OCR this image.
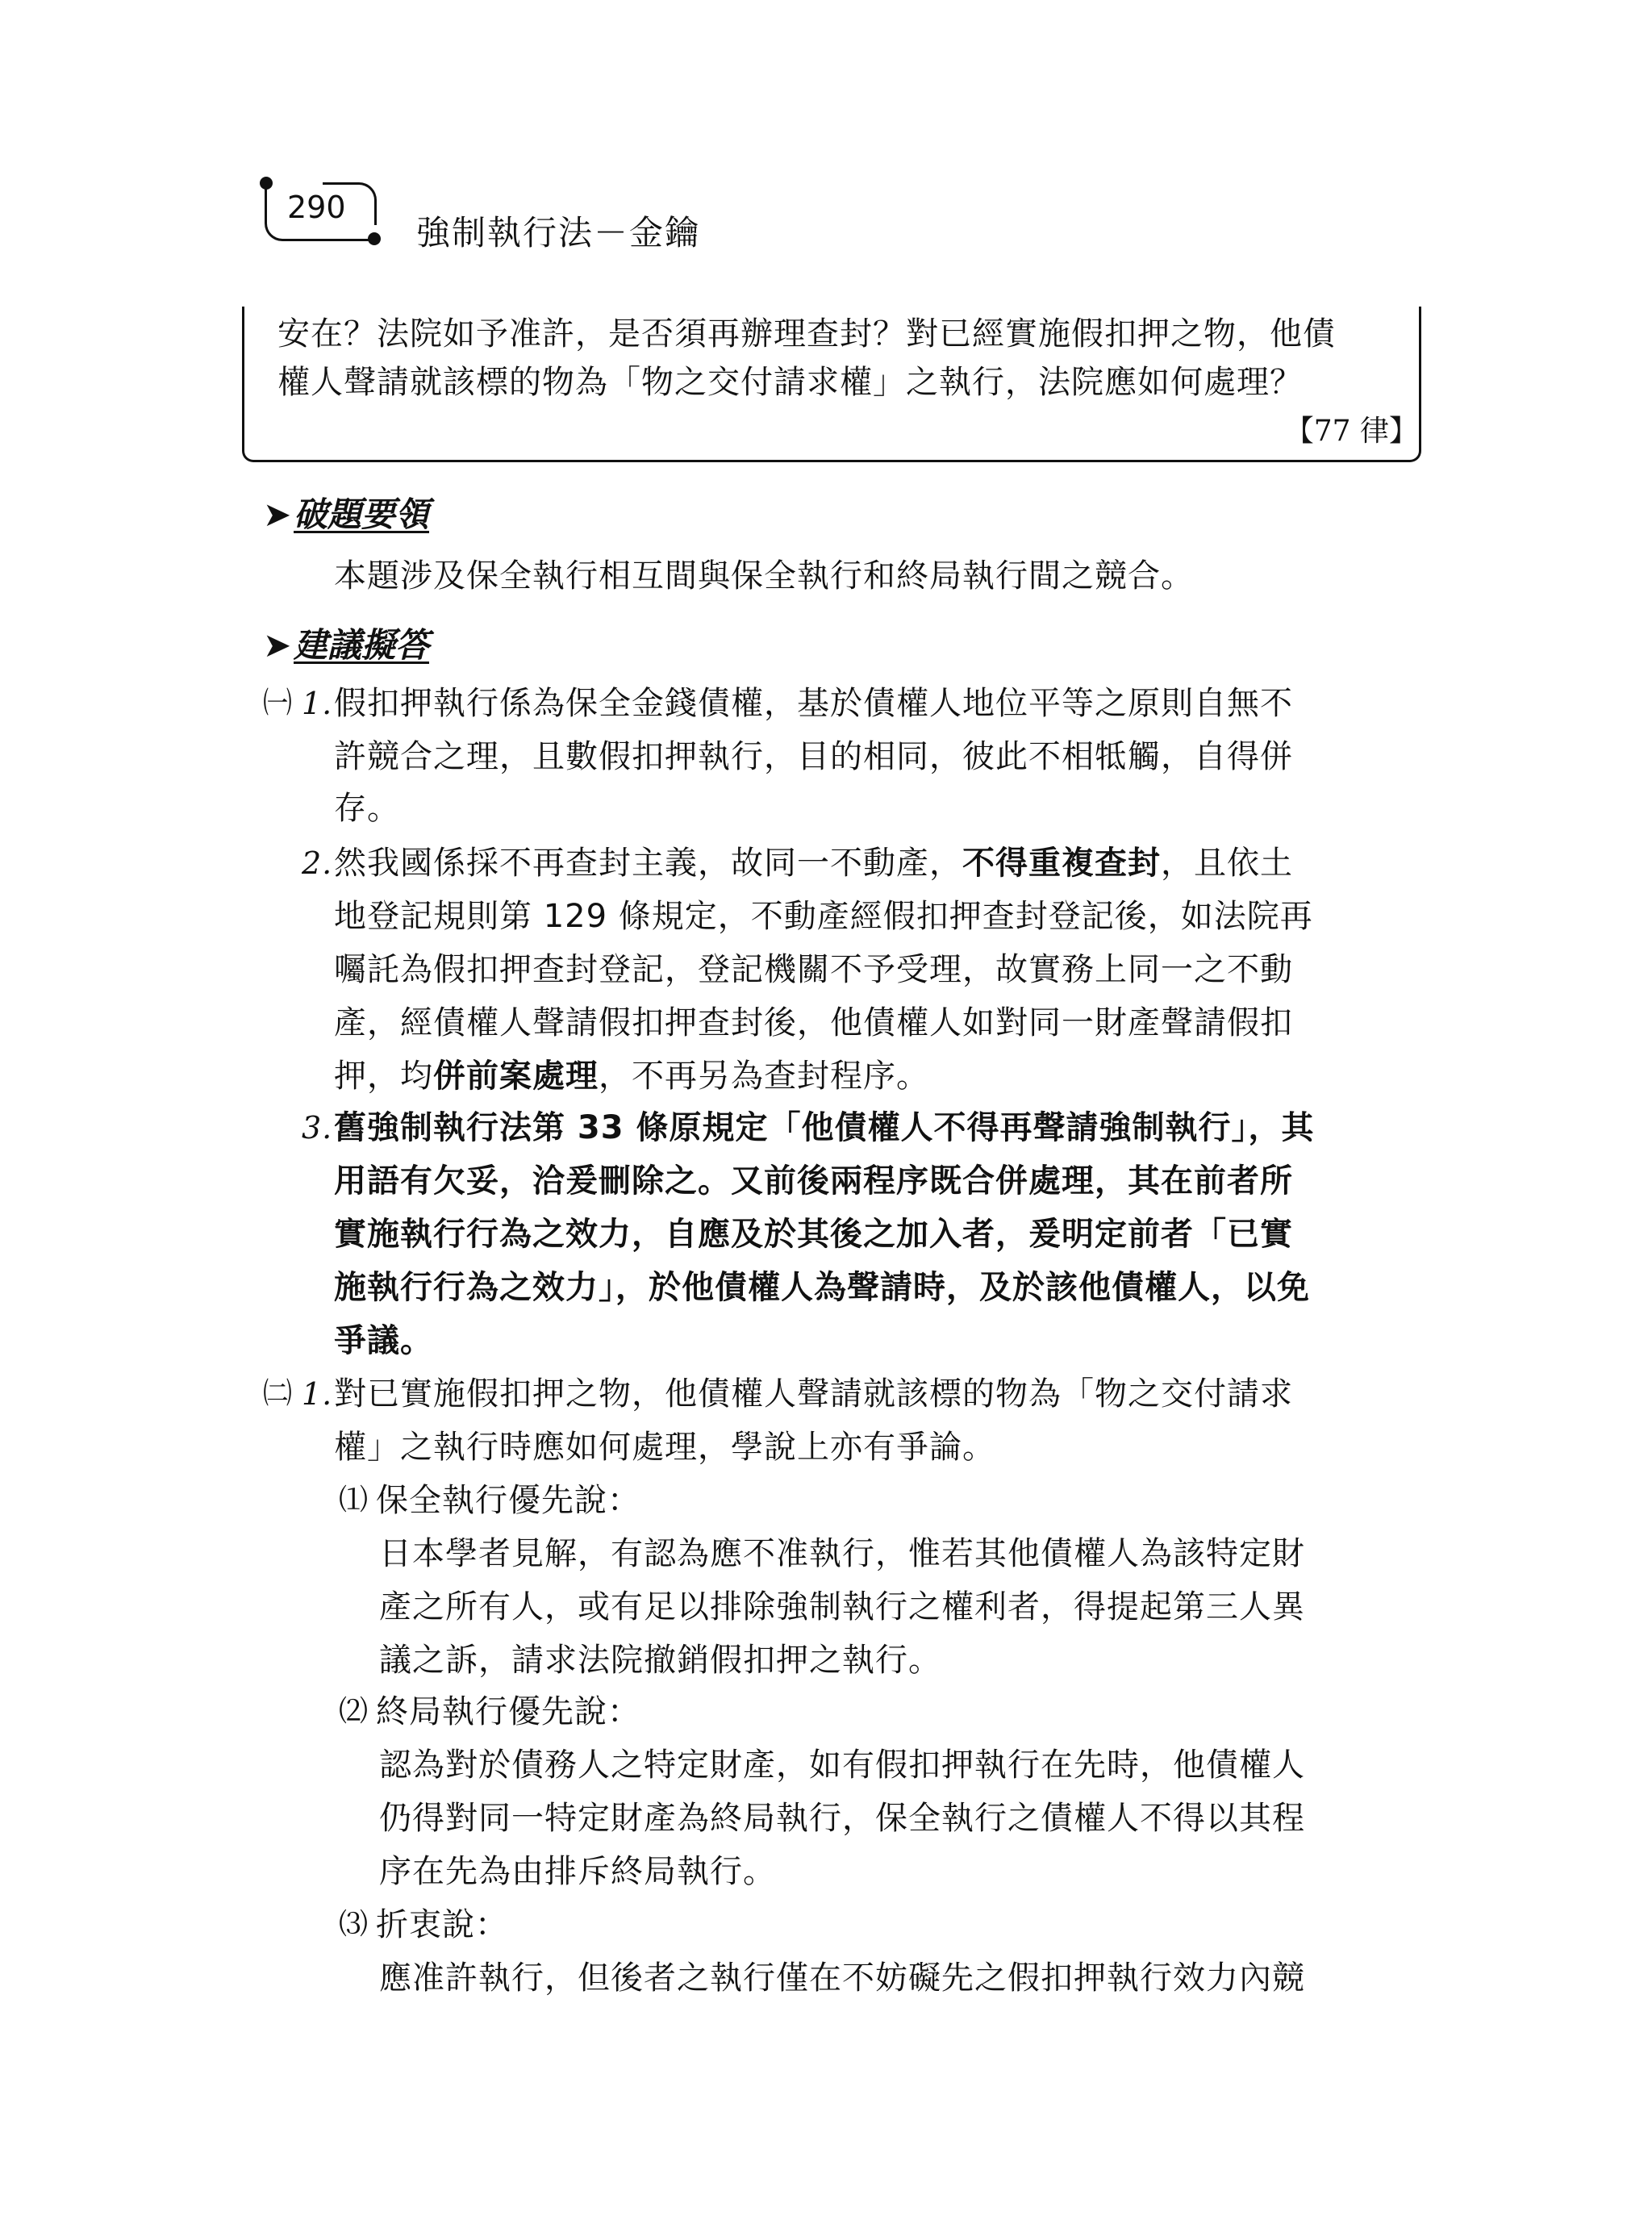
290
強制執行法－金鑰
安在？法院如予准許，是否須再辦理查封？對已經實施假扣押之物，他債
權人聲請就該標的物為「物之交付請求權」之執行，法院應如何處理？
【77 律】
➤破題要領
本題涉及保全執行相互間與保全執行和終局執行間之競合。
➤建議擬答
㈠ 1. 假扣押執行係為保全金錢債權，基於債權人地位平等之原則自無不
許競合之理，且數假扣押執行，目的相同，彼此不相牴觸，自得併
存。
2. 然我國係採不再查封主義，故同一不動產，不得重複查封，且依土
地登記規則第 129 條規定，不動產經假扣押查封登記後，如法院再
囑託為假扣押查封登記，登記機關不予受理，故實務上同一之不動
產，經債權人聲請假扣押查封後，他債權人如對同一財產聲請假扣
押，均併前案處理，不再另為查封程序。
3. 舊強制執行法第 33 條原規定「他債權人不得再聲請強制執行」，其
用語有欠妥，洽爰刪除之。又前後兩程序既合併處理，其在前者所
實施執行行為之效力，自應及於其後之加入者，爰明定前者「已實
施執行行為之效力」，於他債權人為聲請時，及於該他債權人，以免
爭議。
㈡ 1. 對已實施假扣押之物，他債權人聲請就該標的物為「物之交付請求
權」之執行時應如何處理，學說上亦有爭論。
⑴ 保全執行優先說：
日本學者見解，有認為應不准執行，惟若其他債權人為該特定財
產之所有人，或有足以排除強制執行之權利者，得提起第三人異
議之訴，請求法院撤銷假扣押之執行。
⑵ 終局執行優先說：
認為對於債務人之特定財產，如有假扣押執行在先時，他債權人
仍得對同一特定財產為終局執行，保全執行之債權人不得以其程
序在先為由排斥終局執行。
⑶ 折衷說：
應准許執行，但後者之執行僅在不妨礙先之假扣押執行效力內競
